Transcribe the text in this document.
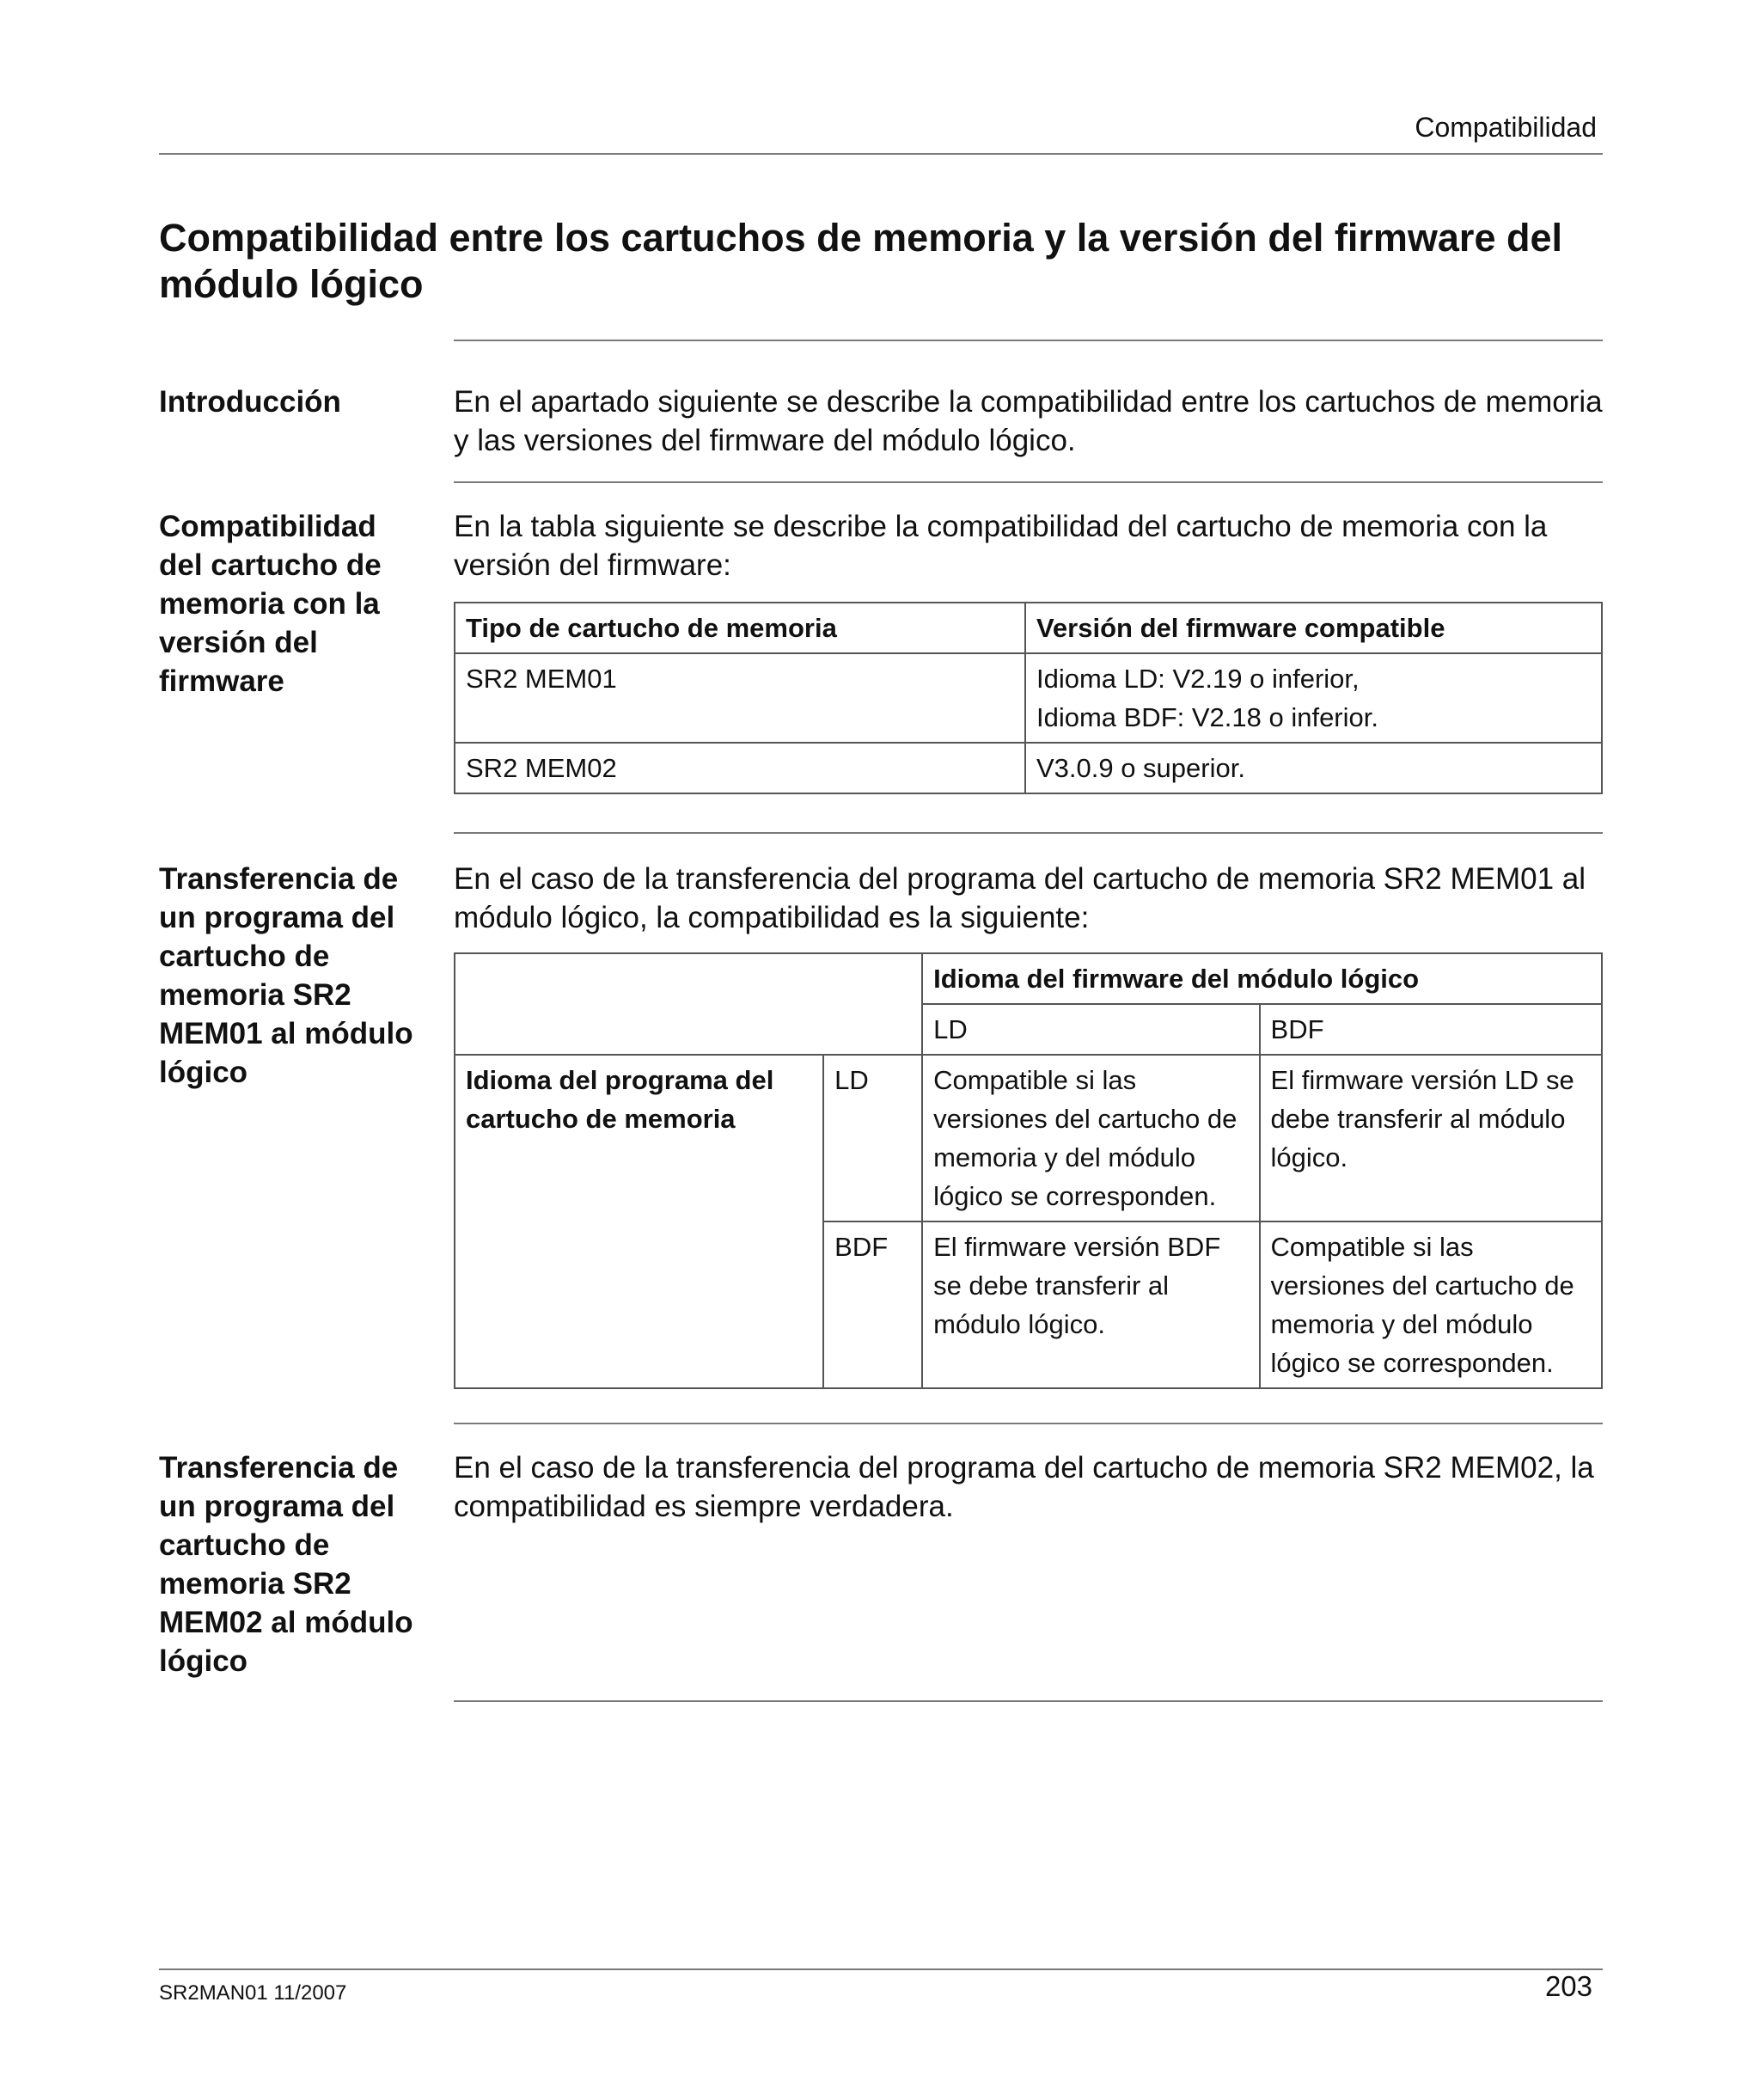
Compatibilidad
Compatibilidad entre los cartuchos de memoria y la versión del firmware del módulo lógico
Introducción	En el apartado siguiente se describe la compatibilidad entre los cartuchos de memoria y las versiones del firmware del módulo lógico.

Compatibilidad del cartucho de memoria con la versión del firmware

En la tabla siguiente se describe la compatibilidad del cartucho de memoria con la versión del firmware:

Tipo de cartucho de memoria	Versión del firmware compatible
SR2 MEM01	Idioma LD: V2.19 o inferior,
Idioma BDF: V2.18 o inferior.

SR2 MEM02	V3.0.9 o superior.
Transferencia de un programa del cartucho de memoria SR2 MEM01 al módulo lógico

En el caso de la transferencia del programa del cartucho de memoria SR2 MEM01 al módulo lógico, la compatibilidad es la siguiente:

		Idioma del firmware del módulo lógico	
		LD	BDF
Idioma del programa del cartucho de memoria	LD	Compatible si las versiones del cartucho de memoria y del módulo lógico se corresponden.	El firmware versión LD se debe transferir al módulo lógico.
	BDF	El firmware versión BDF se debe transferir al módulo lógico.	Compatible si las versiones del cartucho de memoria y del módulo lógico se corresponden.
Transferencia de un programa del cartucho de memoria SR2 MEM02 al módulo lógico

En el caso de la transferencia del programa del cartucho de memoria SR2 MEM02, la compatibilidad es siempre verdadera.

SR2MAN01 11/2007	203
